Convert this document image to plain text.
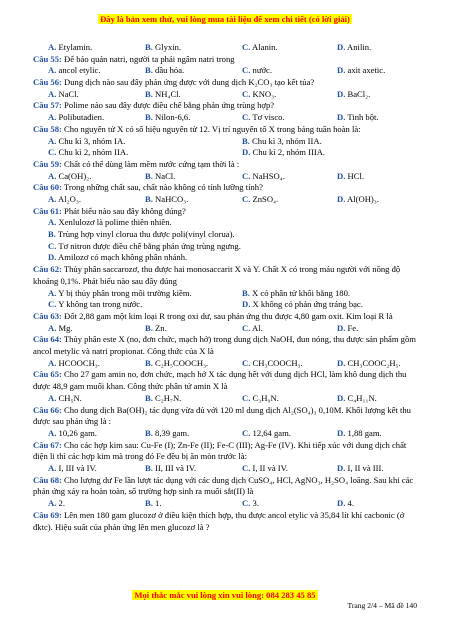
Đây là bản xem thử, vui lòng mua tài liệu để xem chi tiết (có lời giải)
A. Etylamin.	B. Glyxin.	C. Alanin.	D. Anilin.
Câu 55: Để bảo quản natri, người ta phải ngâm natri trong
A. ancol etylic.	B. dầu hỏa.	C. nước.	D. axit axetic.
Câu 56: Dung dịch nào sau đây phản ứng được với dung dịch K₂CO₃ tạo kết tủa?
A. NaCl.	B. NH₄Cl.	C. KNO₃.	D. BaCl₂.
Câu 57: Polime nào sau đây được điều chế bằng phản ứng trùng hợp?
A. Polibutađien.	B. Nilon-6,6.	C. Tơ visco.	D. Tinh bột.
Câu 58: Cho nguyên tử X có số hiệu nguyên tử 12. Vị trí nguyên tố X trong bảng tuần hoàn là:
A. Chu kì 3, nhóm IA.	B. Chu kì 3, nhóm IIA.
C. Chu kì 2, nhóm IIA.	D. Chu kì 2, nhóm IIIA.
Câu 59: Chất có thể dùng làm mềm nước cứng tạm thời là :
A. Ca(OH)₂.	B. NaCl.	C. NaHSO₄.	D. HCl.
Câu 60: Trong những chất sau, chất nào không có tính lưỡng tính?
A. Al₂O₃.	B. NaHCO₃.	C. ZnSO₄.	D. Al(OH)₃.
Câu 61: Phát biểu nào sau đây không đúng?
A. Xenlulozơ là polime thiên nhiên.
B. Trùng hợp vinyl clorua thu được poli(vinyl clorua).
C. Tơ nitron được điều chế bằng phản ứng trùng ngưng.
D. Amilozơ có mạch không phân nhánh.
Câu 62: Thủy phân saccarozơ, thu được hai monosaccarit X và Y. Chất X có trong máu người với nồng độ khoảng 0,1%. Phát biểu nào sau đây đúng
A. Y bị thủy phân trong môi trường kiềm.	B. X có phân tử khối bằng 180.
C. Y không tan trong nước.	D. X không có phản ứng tráng bạc.
Câu 63: Đốt 2,88 gam một kim loại R trong oxi dư, sau phản ứng thu được 4,80 gam oxit. Kim loại R là
A. Mg.	B. Zn.	C. Al.	D. Fe.
Câu 64: Thủy phân este X (no, đơn chức, mạch hở) trong dung dịch NaOH, đun nóng, thu được sản phẩm gồm ancol metylic và natri propionat. Công thức của X là
A. HCOOCH₃.	B. C₂H₅COOCH₃.	C. CH₃COOCH₃.	D. CH₃COOC₂H₅.
Câu 65: Cho 27 gam amin no, đơn chức, mạch hở X tác dụng hết với dung dịch HCl, làm khô dung dịch thu được 48,9 gam muối khan. Công thức phân tử amin X là
A. CH₅N.	B. C₂H₇N.	C. C₃H₉N.	D. C₄H₁₁N.
Câu 66: Cho dung dịch Ba(OH)₂ tác dụng vừa đủ với 120 ml dung dịch Al₂(SO₄)₃ 0,10M. Khối lượng kết thu được sau phản ứng là :
A. 10,26 gam.	B. 8,39 gam.	C. 12,64 gam.	D. 1,88 gam.
Câu 67: Cho các hợp kim sau: Cu-Fe (I); Zn-Fe (II); Fe-C (III); Ag-Fe (IV). Khi tiếp xúc với dung dịch chất điện li thì các hợp kim mà trong đó Fe đều bị ăn mòn trước là:
A. I, III và IV.	B. II, III và IV.	C. I, II và IV.	D. I, II và III.
Câu 68: Cho lượng dư Fe lần lượt tác dụng với các dung dịch CuSO₄, HCl, AgNO₃, H₂SO₄ loãng. Sau khi các phản ứng xảy ra hoàn toàn, số trường hợp sinh ra muối sắt(II) là
A. 2.	B. 1.	C. 3.	D. 4.
Câu 69: Lên men 180 gam glucozơ ở điều kiện thích hợp, thu được ancol etylic và 35,84 lít khí cacbonic (ở đktc). Hiệu suất của phản ứng lên men glucozơ là ?
Mọi thắc mắc vui lòng xin vui lòng: 084 283 45 85
Trang 2/4 – Mã đề 140
